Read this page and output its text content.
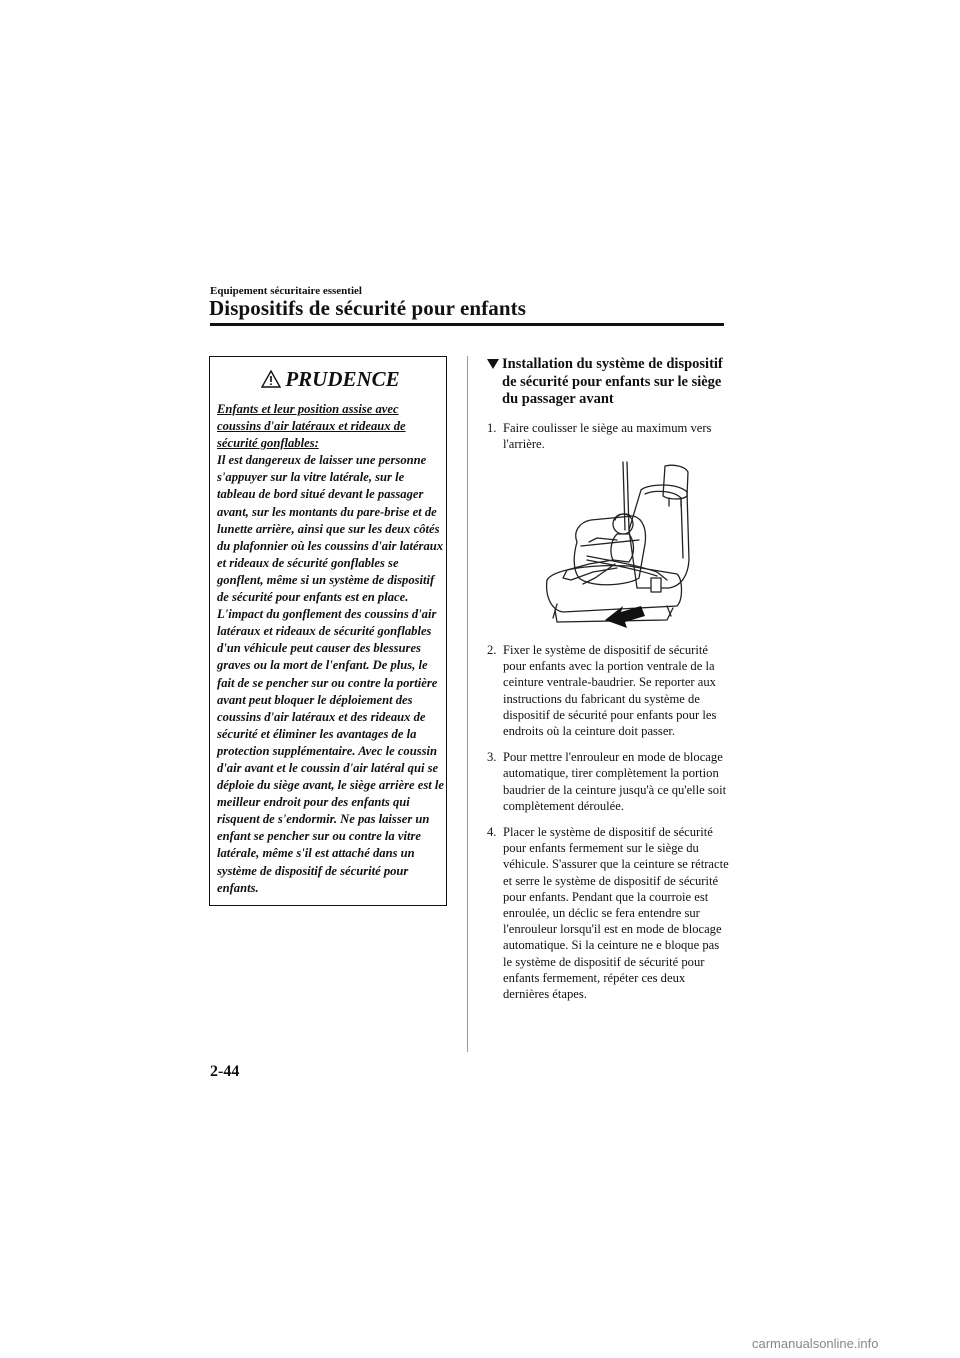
Equipement sécuritaire essentiel
Dispositifs de sécurité pour enfants
PRUDENCE
Enfants et leur position assise avec coussins d'air latéraux et rideaux de sécurité gonflables:
Il est dangereux de laisser une personne s'appuyer sur la vitre latérale, sur le tableau de bord situé devant le passager avant, sur les montants du pare-brise et de lunette arrière, ainsi que sur les deux côtés du plafonnier où les coussins d'air latéraux et rideaux de sécurité gonflables se gonflent, même si un système de dispositif de sécurité pour enfants est en place. L'impact du gonflement des coussins d'air latéraux et rideaux de sécurité gonflables d'un véhicule peut causer des blessures graves ou la mort de l'enfant. De plus, le fait de se pencher sur ou contre la portière avant peut bloquer le déploiement des coussins d'air latéraux et des rideaux de sécurité et éliminer les avantages de la protection supplémentaire. Avec le coussin d'air avant et le coussin d'air latéral qui se déploie du siège avant, le siège arrière est le meilleur endroit pour des enfants qui risquent de s'endormir. Ne pas laisser un enfant se pencher sur ou contre la vitre latérale, même s'il est attaché dans un système de dispositif de sécurité pour enfants.
Installation du système de dispositif de sécurité pour enfants sur le siège du passager avant
1. Faire coulisser le siège au maximum vers l'arrière.
2. Fixer le système de dispositif de sécurité pour enfants avec la portion ventrale de la ceinture ventrale-baudrier. Se reporter aux instructions du fabricant du système de dispositif de sécurité pour enfants pour les endroits où la ceinture doit passer.
3. Pour mettre l'enrouleur en mode de blocage automatique, tirer complètement la portion baudrier de la ceinture jusqu'à ce qu'elle soit complètement déroulée.
4. Placer le système de dispositif de sécurité pour enfants fermement sur le siège du véhicule. S'assurer que la ceinture se rétracte et serre le système de dispositif de sécurité pour enfants. Pendant que la courroie est enroulée, un déclic se fera entendre sur l'enrouleur lorsqu'il est en mode de blocage automatique. Si la ceinture ne e bloque pas le système de dispositif de sécurité pour enfants fermement, répéter ces deux dernières étapes.
2-44
carmanualsonline.info
